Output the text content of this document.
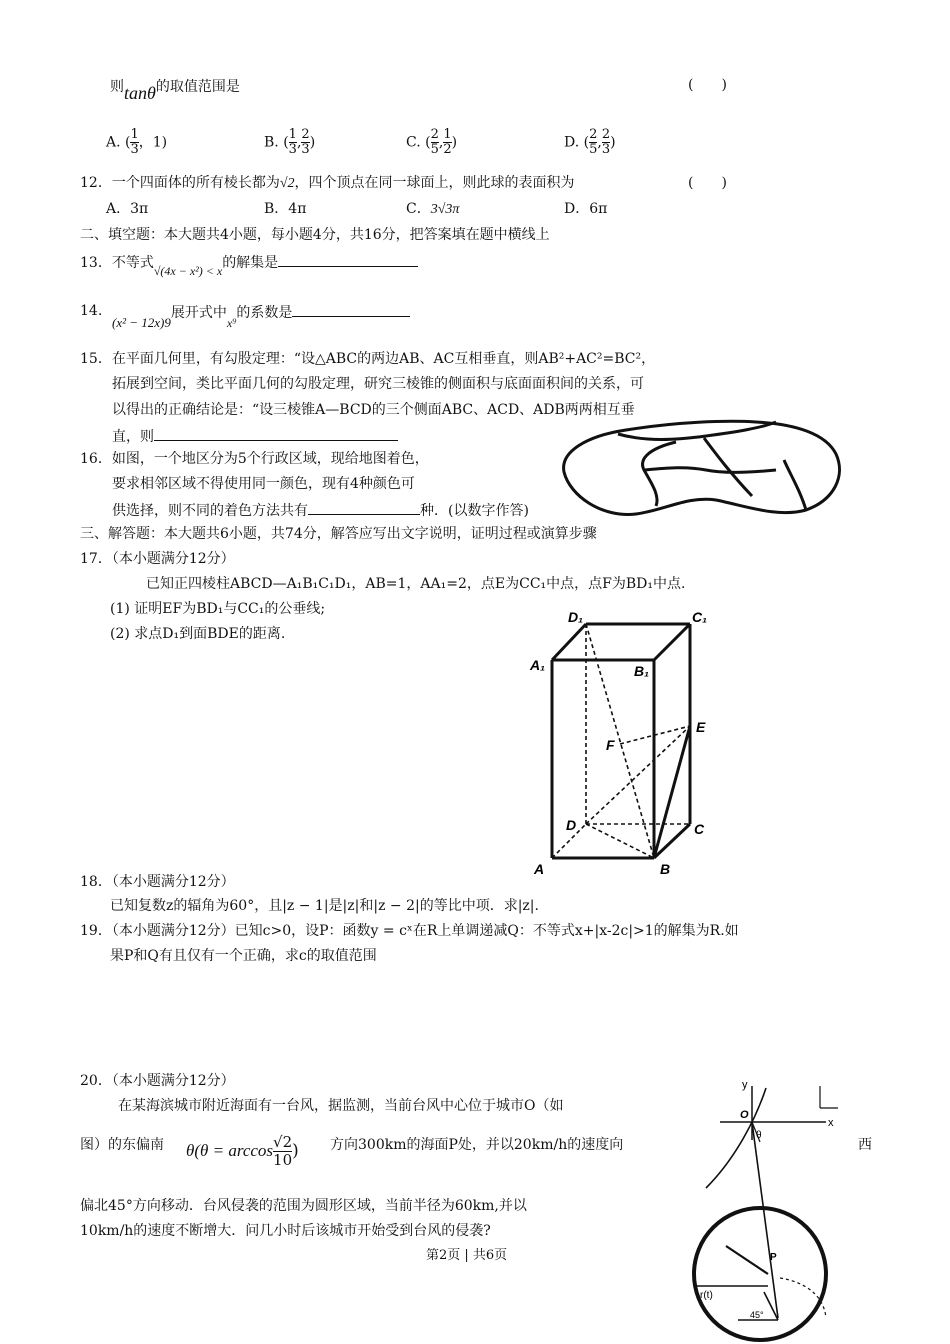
则tanθ的取值范围是	(　　)
A. ( $\frac{1}{3}$ ，1)	B. ( $\frac{1}{3}$ , $\frac{2}{3}$ )	C. ( $\frac{2}{5}$ , $\frac{1}{2}$ )	D. ( $\frac{2}{5}$ , $\frac{2}{3}$ )
12．一个四面体的所有棱长都为√2，四个顶点在同一球面上，则此球的表面积为	(　　)
A．3π	B．4π	C．3√3π	D．6π
二、填空题：本大题共4小题，每小题4分，共16分，把答案填在题中横线上
13．不等式√(4x − x²) < x的解集是
14.
(x² − 12x)9展开式中x⁹的系数是
15．在平面几何里，有勾股定理：“设△ABC的两边AB、AC互相垂直，则AB²+AC²=BC²，
拓展到空间，类比平面几何的勾股定理，研究三棱锥的侧面积与底面面积间的关系，可
以得出的正确结论是：“设三棱锥A—BCD的三个侧面ABC、ACD、ADB两两相互垂
直，则
16．如图，一个地区分为5个行政区域，现给地图着色，
要求相邻区域不得使用同一颜色，现有4种颜色可
供选择，则不同的着色方法共有	种．(以数字作答)
三、解答题：本大题共6小题，共74分，解答应写出文字说明，证明过程或演算步骤
17．（本小题满分12分）
已知正四棱柱ABCD—A₁B₁C₁D₁，AB=1，AA₁=2，点E为CC₁中点，点F为BD₁中点.
(1) 证明EF为BD₁与CC₁的公垂线;
(2) 求点D₁到面BDE的距离.
D₁	C₁
A₁	B₁
E
F
D	C
A	B
18．（本小题满分12分）
已知复数z的辐角为60°，且|z − 1|是|z|和|z − 2|的等比中项．求|z|.
19．（本小题满分12分）已知c>0，设P：函数y = cˣ在R上单调递减Q：不等式x+|x-2c|>1的解集为R.如
果P和Q有且仅有一个正确，求c的取值范围
20．（本小题满分12分）
在某海滨城市附近海面有一台风，据监测，当前台风中心位于城市O（如
图）的东偏南 $\theta(\theta = \arccos \frac{√2}{10}$ ) 方向300km的海面P处，并以20km/h的速度向	西
偏北45°方向移动．台风侵袭的范围为圆形区域，当前半径为60km,并以
10km/h的速度不断增大．问几小时后该城市开始受到台风的侵袭?
y
x
O
θ
P
r(t)
45°
第2页 | 共6页
